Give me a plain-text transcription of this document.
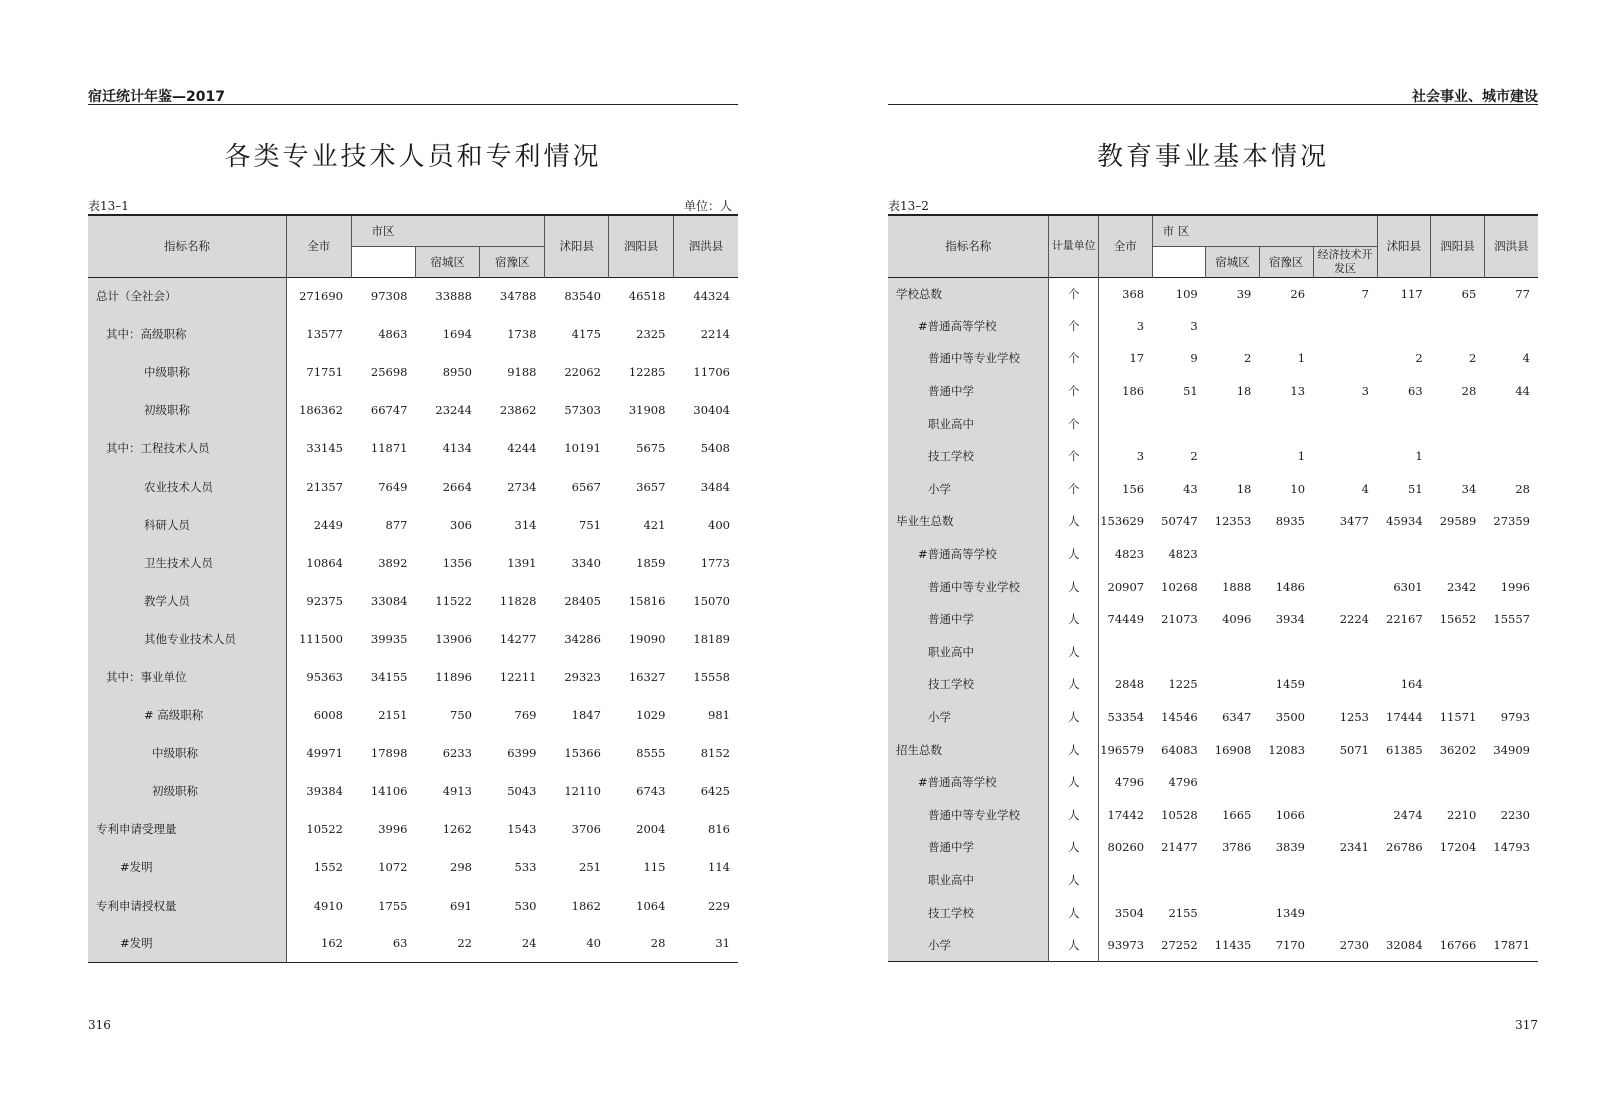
宿迁统计年鉴—2017
各类专业技术人员和专利情况
表13–1	单位：人
指标名称	全市	市区			沭阳县	泗阳县	泗洪县
			宿城区	宿豫区			
总计（全社会）	271690	97308	33888	34788	83540	46518	44324
其中：高级职称	13577	4863	1694	1738	4175	2325	2214
中级职称	71751	25698	8950	9188	22062	12285	11706
初级职称	186362	66747	23244	23862	57303	31908	30404
其中：工程技术人员	33145	11871	4134	4244	10191	5675	5408
农业技术人员	21357	7649	2664	2734	6567	3657	3484
科研人员	2449	877	306	314	751	421	400
卫生技术人员	10864	3892	1356	1391	3340	1859	1773
教学人员	92375	33084	11522	11828	28405	15816	15070
其他专业技术人员	111500	39935	13906	14277	34286	19090	18189
其中：事业单位	95363	34155	11896	12211	29323	16327	15558
# 高级职称	6008	2151	750	769	1847	1029	981
中级职称	49971	17898	6233	6399	15366	8555	8152
初级职称	39384	14106	4913	5043	12110	6743	6425
专利申请受理量	10522	3996	1262	1543	3706	2004	816
#发明	1552	1072	298	533	251	115	114
专利申请授权量	4910	1755	691	530	1862	1064	229
#发明	162	63	22	24	40	28	31
316
社会事业、城市建设
教育事业基本情况
表13–2
指标名称	计量单位	全市	市 区				沭阳县	泗阳县	泗洪县
				宿城区	宿豫区	经济技术开发区			
学校总数	个	368	109	39	26	7	117	65	77
#普通高等学校	个	3	3						
普通中等专业学校	个	17	9	2	1		2	2	4
普通中学	个	186	51	18	13	3	63	28	44
职业高中	个								
技工学校	个	3	2		1		1		
小学	个	156	43	18	10	4	51	34	28
毕业生总数	人	153629	50747	12353	8935	3477	45934	29589	27359
#普通高等学校	人	4823	4823						
普通中等专业学校	人	20907	10268	1888	1486		6301	2342	1996
普通中学	人	74449	21073	4096	3934	2224	22167	15652	15557
职业高中	人								
技工学校	人	2848	1225		1459		164		
小学	人	53354	14546	6347	3500	1253	17444	11571	9793
招生总数	人	196579	64083	16908	12083	5071	61385	36202	34909
#普通高等学校	人	4796	4796						
普通中等专业学校	人	17442	10528	1665	1066		2474	2210	2230
普通中学	人	80260	21477	3786	3839	2341	26786	17204	14793
职业高中	人								
技工学校	人	3504	2155		1349				
小学	人	93973	27252	11435	7170	2730	32084	16766	17871
317
